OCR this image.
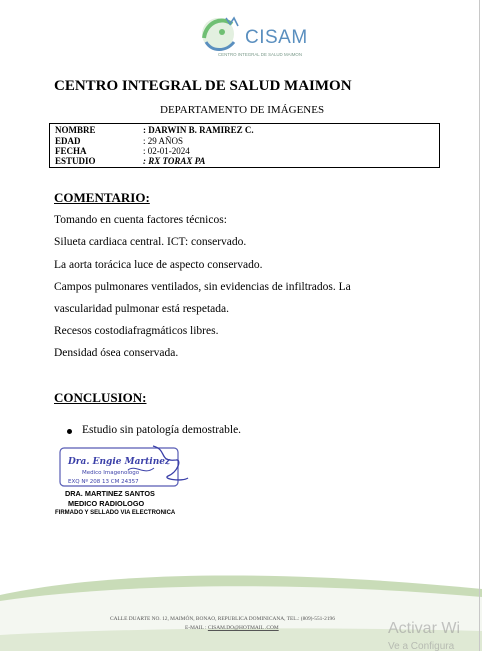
CISAM
CENTRO INTEGRAL DE SALUD MAIMON
CENTRO INTEGRAL DE SALUD MAIMON
DEPARTAMENTO DE IMÁGENES
NOMBRE	: DARWIN B. RAMIREZ C.
EDAD	: 29 AÑOS
FECHA	: 02-01-2024
ESTUDIO	: RX TORAX PA
COMENTARIO:
Tomando en cuenta factores técnicos:
Silueta cardiaca central. ICT: conservado.
La aorta torácica luce de aspecto conservado.
Campos pulmonares ventilados, sin evidencias de infiltrados. La
vascularidad pulmonar está respetada.
Recesos costodiafragmáticos libres.
Densidad ósea conservada.
CONCLUSION:
Estudio sin patología demostrable.
Dra. Engie Martinez
Medico Imagenologo
EXQ Nº 208 13 CM 24357
DRA. MARTINEZ SANTOS
MEDICO RADIOLOGO
FIRMADO Y SELLADO VIA ELECTRONICA
CALLE DUARTE NO. 12, MAIMÓN, BONAO, REPUBLICA DOMINICANA, TEL.: (809)-551-2196
E-MAIL : CISAM.DO@HOTMAIL .COM	Activar Wi
Ve a Configura
